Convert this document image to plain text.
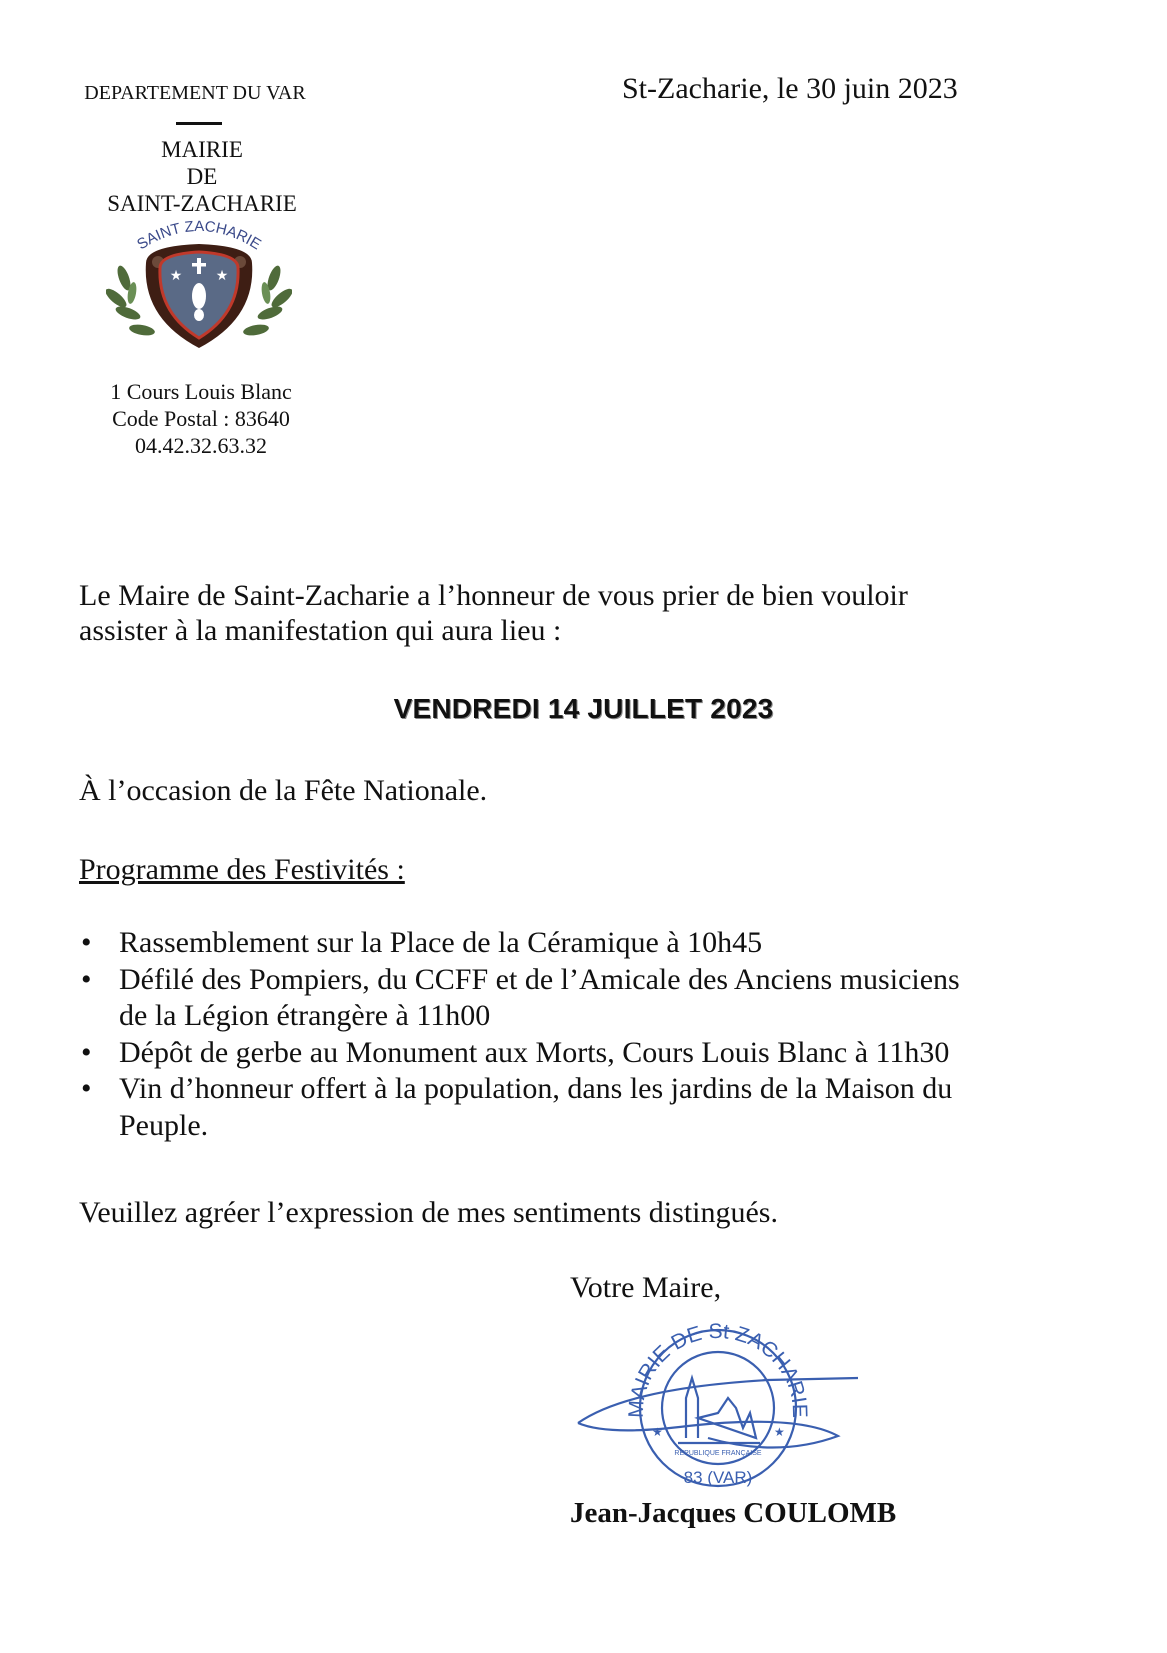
DEPARTEMENT DU VAR
MAIRIE
DE
SAINT-ZACHARIE
SAINT ZACHARIE
★ ★
1 Cours Louis Blanc
Code Postal : 83640
04.42.32.63.32
St-Zacharie, le 30 juin 2023
Le Maire de Saint-Zacharie a l’honneur de vous prier de bien vouloir
assister à la manifestation qui aura lieu :
VENDREDI 14 JUILLET 2023
À l’occasion de la Fête Nationale.
Programme des Festivités :
• Rassemblement sur la Place de la Céramique à 10h45
• Défilé des Pompiers, du CCFF et de l’Amicale des Anciens musiciens
de la Légion étrangère à 11h00
• Dépôt de gerbe au Monument aux Morts, Cours Louis Blanc à 11h30
• Vin d’honneur offert à la population, dans les jardins de la Maison du
Peuple.
Veuillez agréer l’expression de mes sentiments distingués.
Votre Maire,
MAIRIE DE St ZACHARIE
REPUBLIQUE FRANÇAISE
83 (VAR)
★	★
Jean-Jacques COULOMB
